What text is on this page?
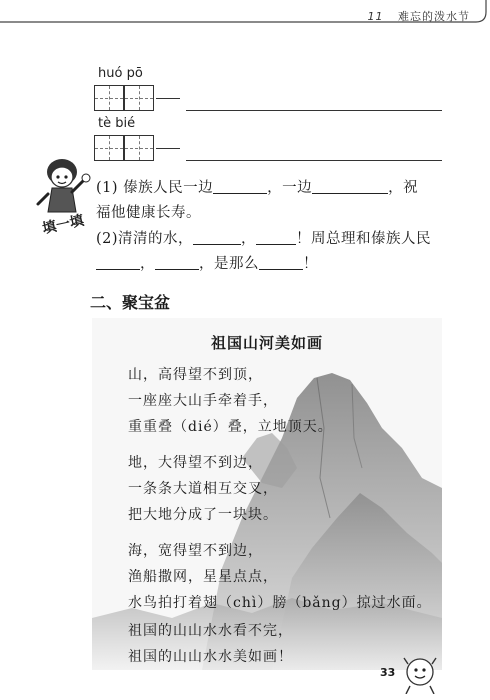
11 难忘的泼水节
huó pō
tè bié
填一填
(1) 傣族人民一边	，一边	，祝
福他健康长寿。
(2)清清的水，	，	！周总理和傣族人民
，	，是那么	！
二、聚宝盆
祖国山河美如画
山，高得望不到顶，
一座座大山手牵着手，
重重叠（dié）叠，立地顶天。
地，大得望不到边，
一条条大道相互交叉，
把大地分成了一块块。
海，宽得望不到边，
渔船撒网，星星点点，
水鸟拍打着翅（chì）膀（bǎng）掠过水面。
祖国的山山水水看不完，
祖国的山山水水美如画！
33
